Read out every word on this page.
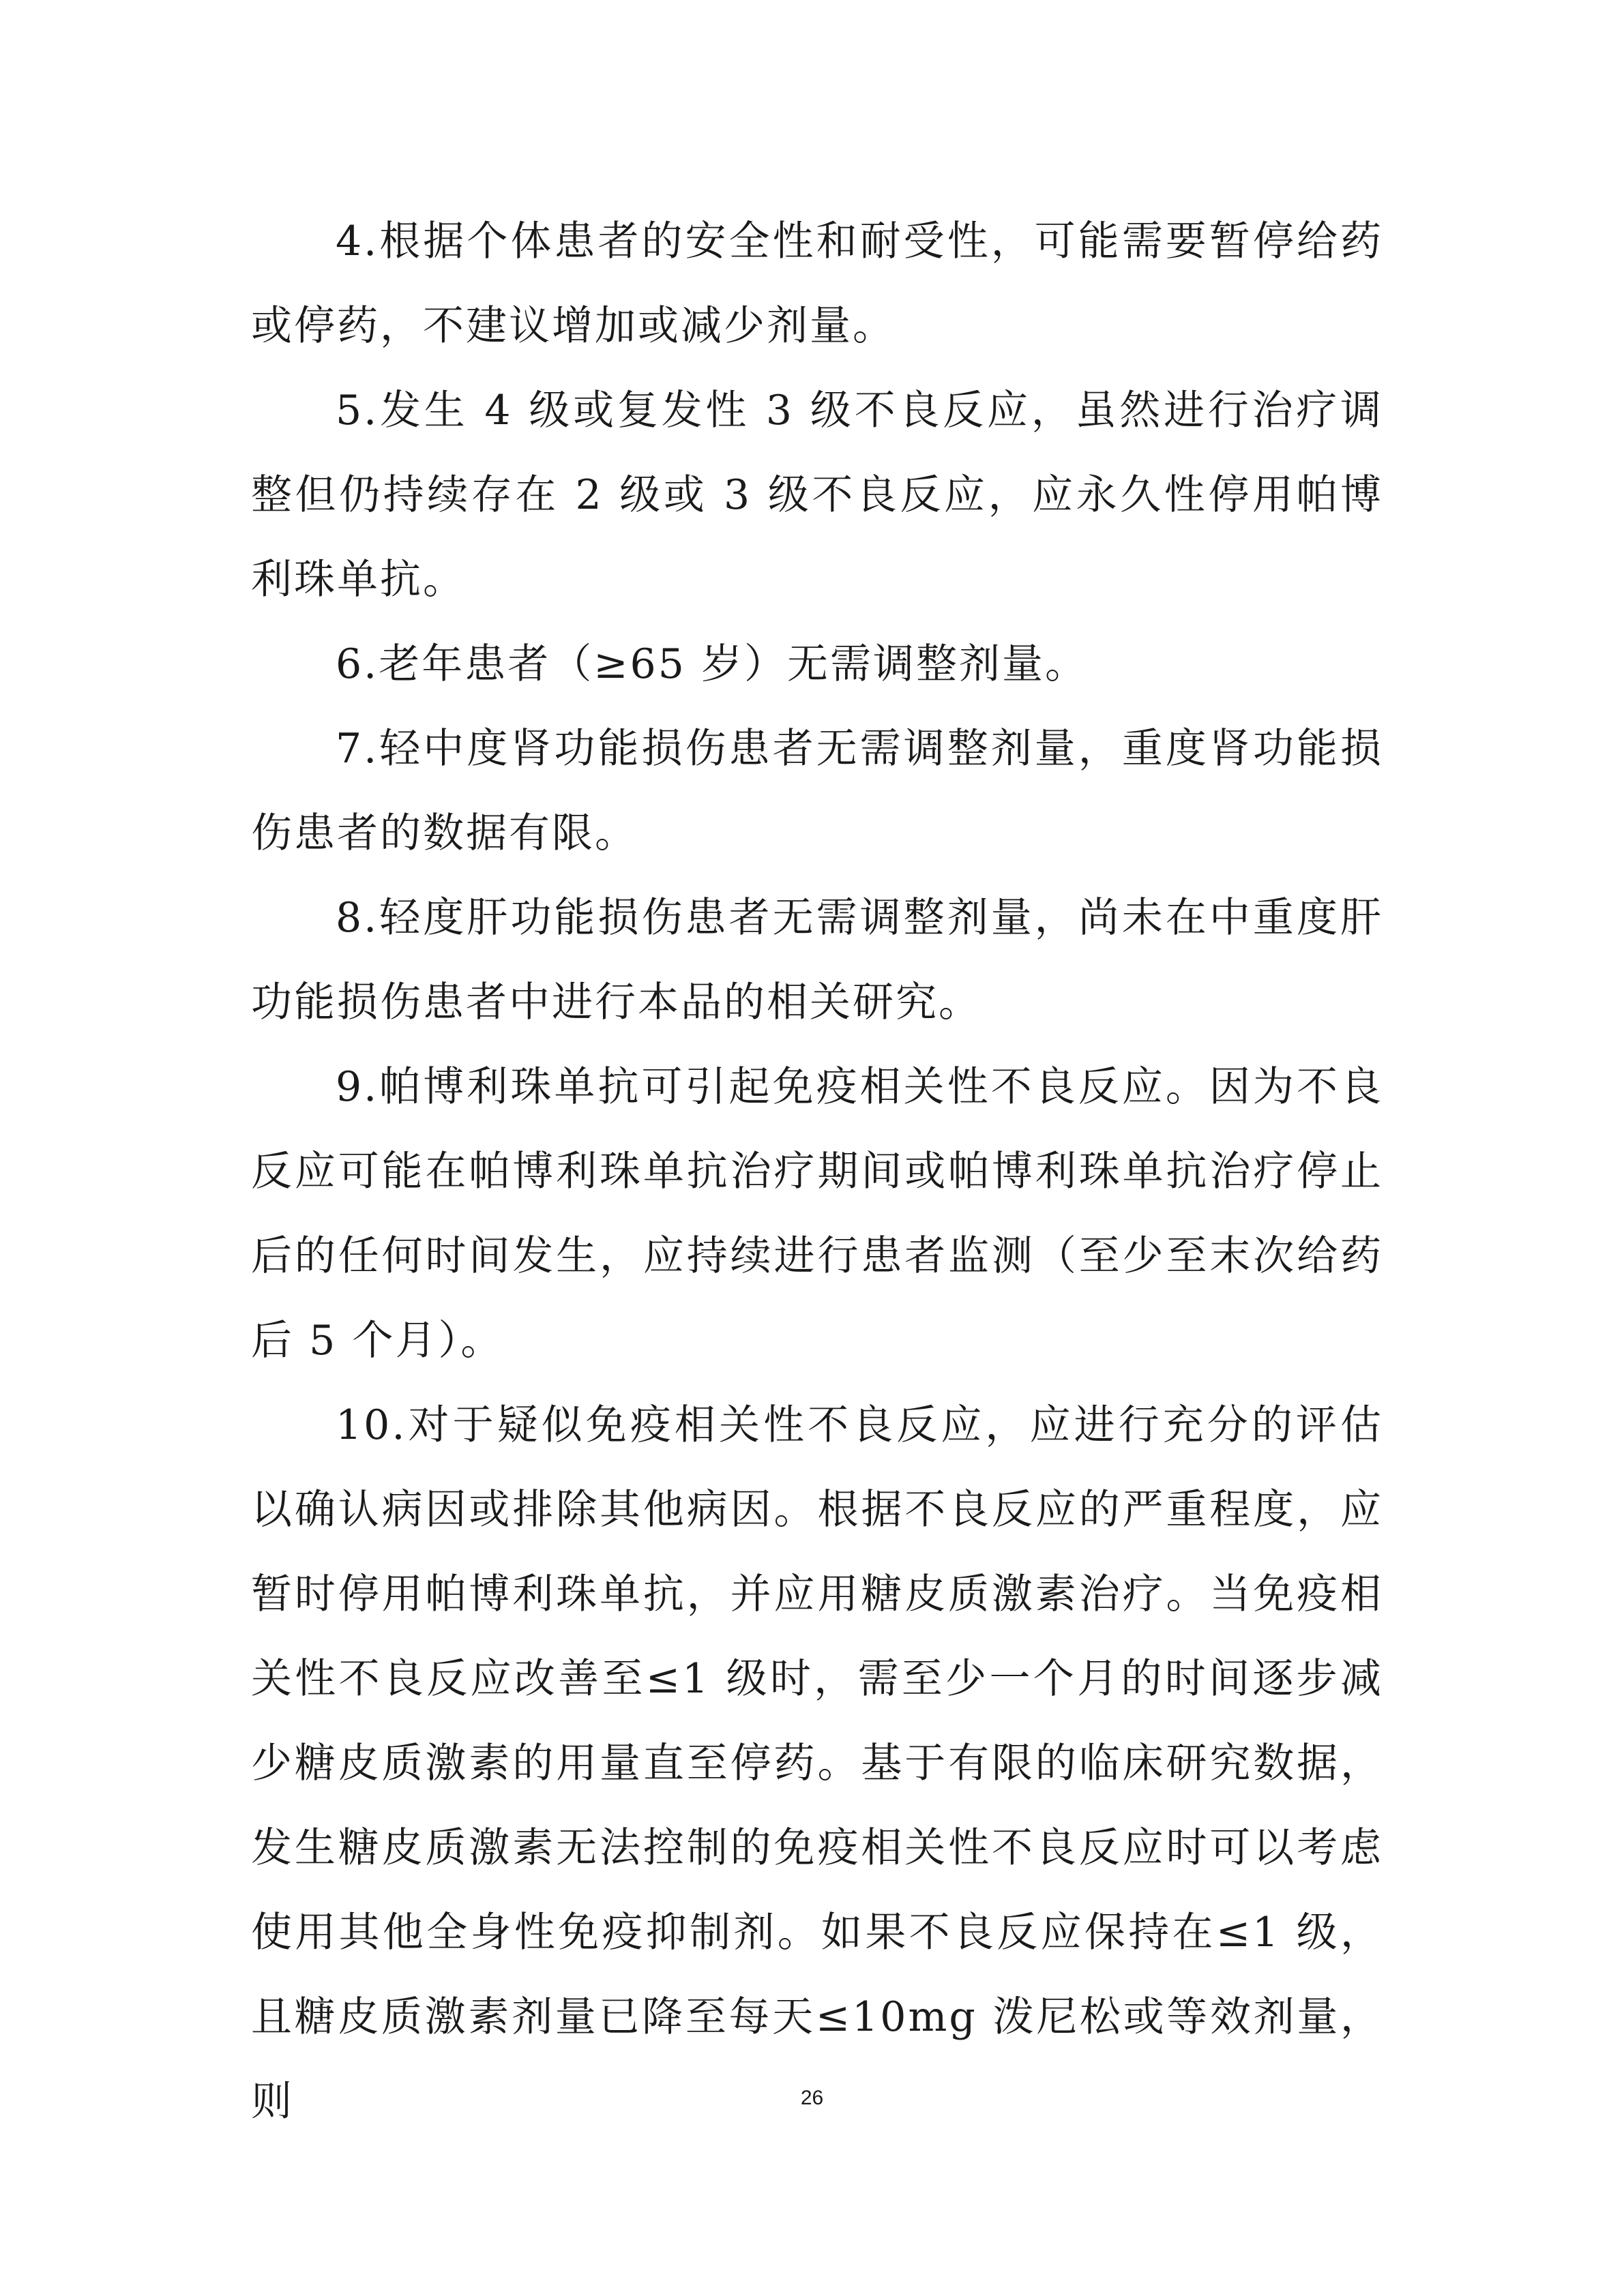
4.根据个体患者的安全性和耐受性，可能需要暂停给药或停药，不建议增加或减少剂量。

5.发生 4 级或复发性 3 级不良反应，虽然进行治疗调整但仍持续存在 2 级或 3 级不良反应，应永久性停用帕博利珠单抗。

6.老年患者（≥65 岁）无需调整剂量。

7.轻中度肾功能损伤患者无需调整剂量，重度肾功能损伤患者的数据有限。

8.轻度肝功能损伤患者无需调整剂量，尚未在中重度肝功能损伤患者中进行本品的相关研究。

9.帕博利珠单抗可引起免疫相关性不良反应。因为不良反应可能在帕博利珠单抗治疗期间或帕博利珠单抗治疗停止后的任何时间发生，应持续进行患者监测（至少至末次给药后 5 个月）。

10.对于疑似免疫相关性不良反应，应进行充分的评估以确认病因或排除其他病因。根据不良反应的严重程度，应暂时停用帕博利珠单抗，并应用糖皮质激素治疗。当免疫相关性不良反应改善至≤1 级时，需至少一个月的时间逐步减少糖皮质激素的用量直至停药。基于有限的临床研究数据，发生糖皮质激素无法控制的免疫相关性不良反应时可以考虑使用其他全身性免疫抑制剂。如果不良反应保持在≤1 级，且糖皮质激素剂量已降至每天≤10mg 泼尼松或等效剂量，则	26
